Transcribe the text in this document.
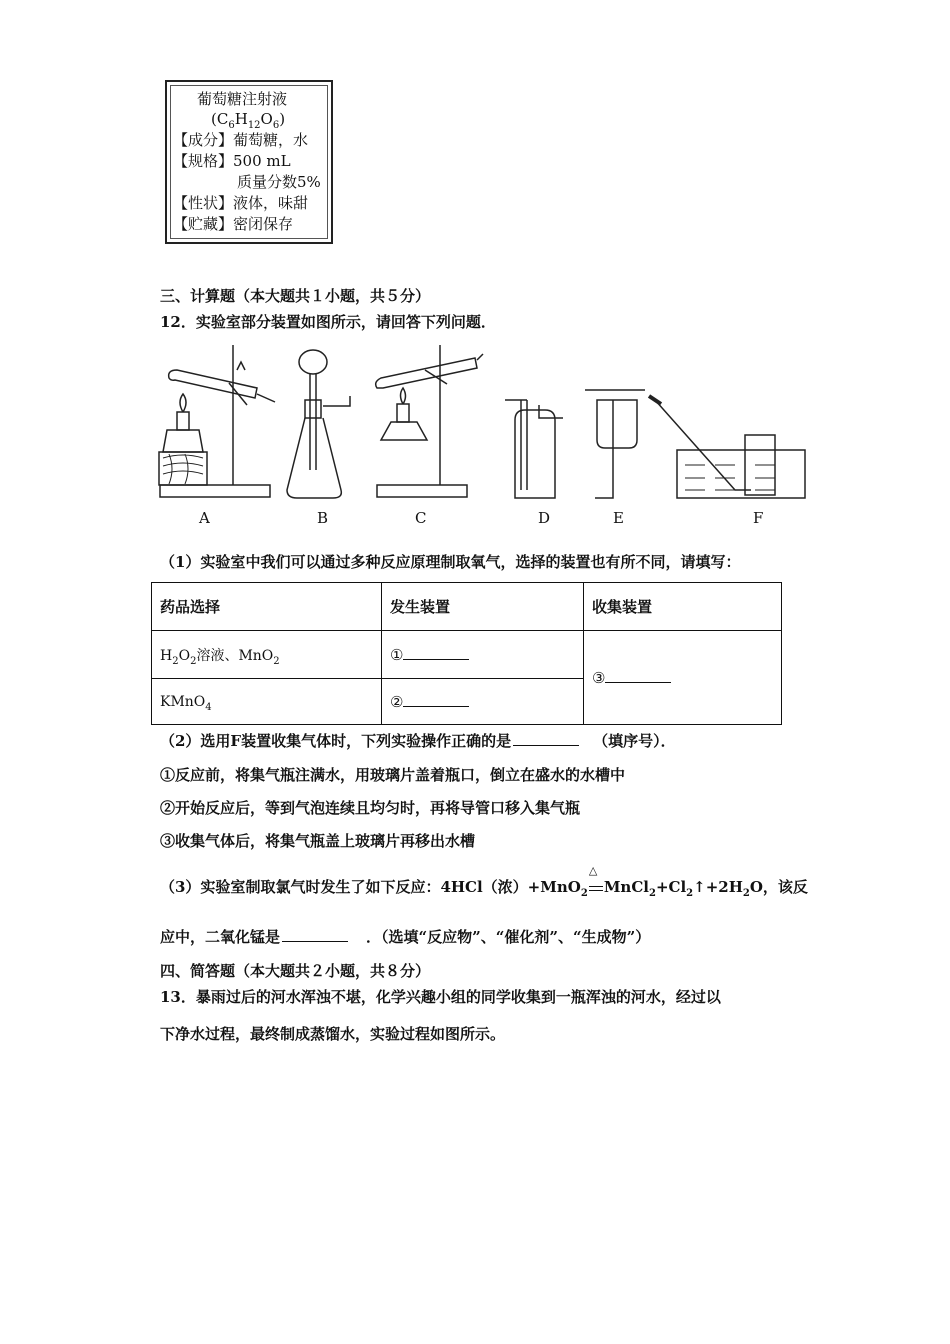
葡萄糖注射液
$(C_6H_{12}O_6)$
【成分】葡萄糖，水
【规格】500 mL
质量分数5%
【性状】液体，味甜
【贮藏】密闭保存
三、计算题（本大题共１小题，共５分）
12．实验室部分装置如图所示，请回答下列问题．
A	B	C	D	E	F
（1）实验室中我们可以通过多种反应原理制取氧气，选择的装置也有所不同，请填写：
药品选择	发生装置	收集装置
$H_2O_2$溶液、MnO$_2$	①	③
KMnO$_4$	②	
（2）选用F装置收集气体时，下列实验操作正确的是	（填序号）．
①反应前，将集气瓶注满水，用玻璃片盖着瓶口，倒立在盛水的水槽中
②开始反应后，等到气泡连续且均匀时，再将导管口移入集气瓶
③收集气体后，将集气瓶盖上玻璃片再移出水槽
（3）实验室制取氯气时发生了如下反应：4HCl（浓）+MnO$_2$
△
$MnCl_2+Cl_2↑+2H_2O$，该反
应中，二氧化锰是	．（选填“反应物”、“催化剂”、“生成物”）
四、简答题（本大题共２小题，共８分）
13．暴雨过后的河水浑浊不堪，化学兴趣小组的同学收集到一瓶浑浊的河水，经过以
下净水过程，最终制成蒸馏水，实验过程如图所示。
